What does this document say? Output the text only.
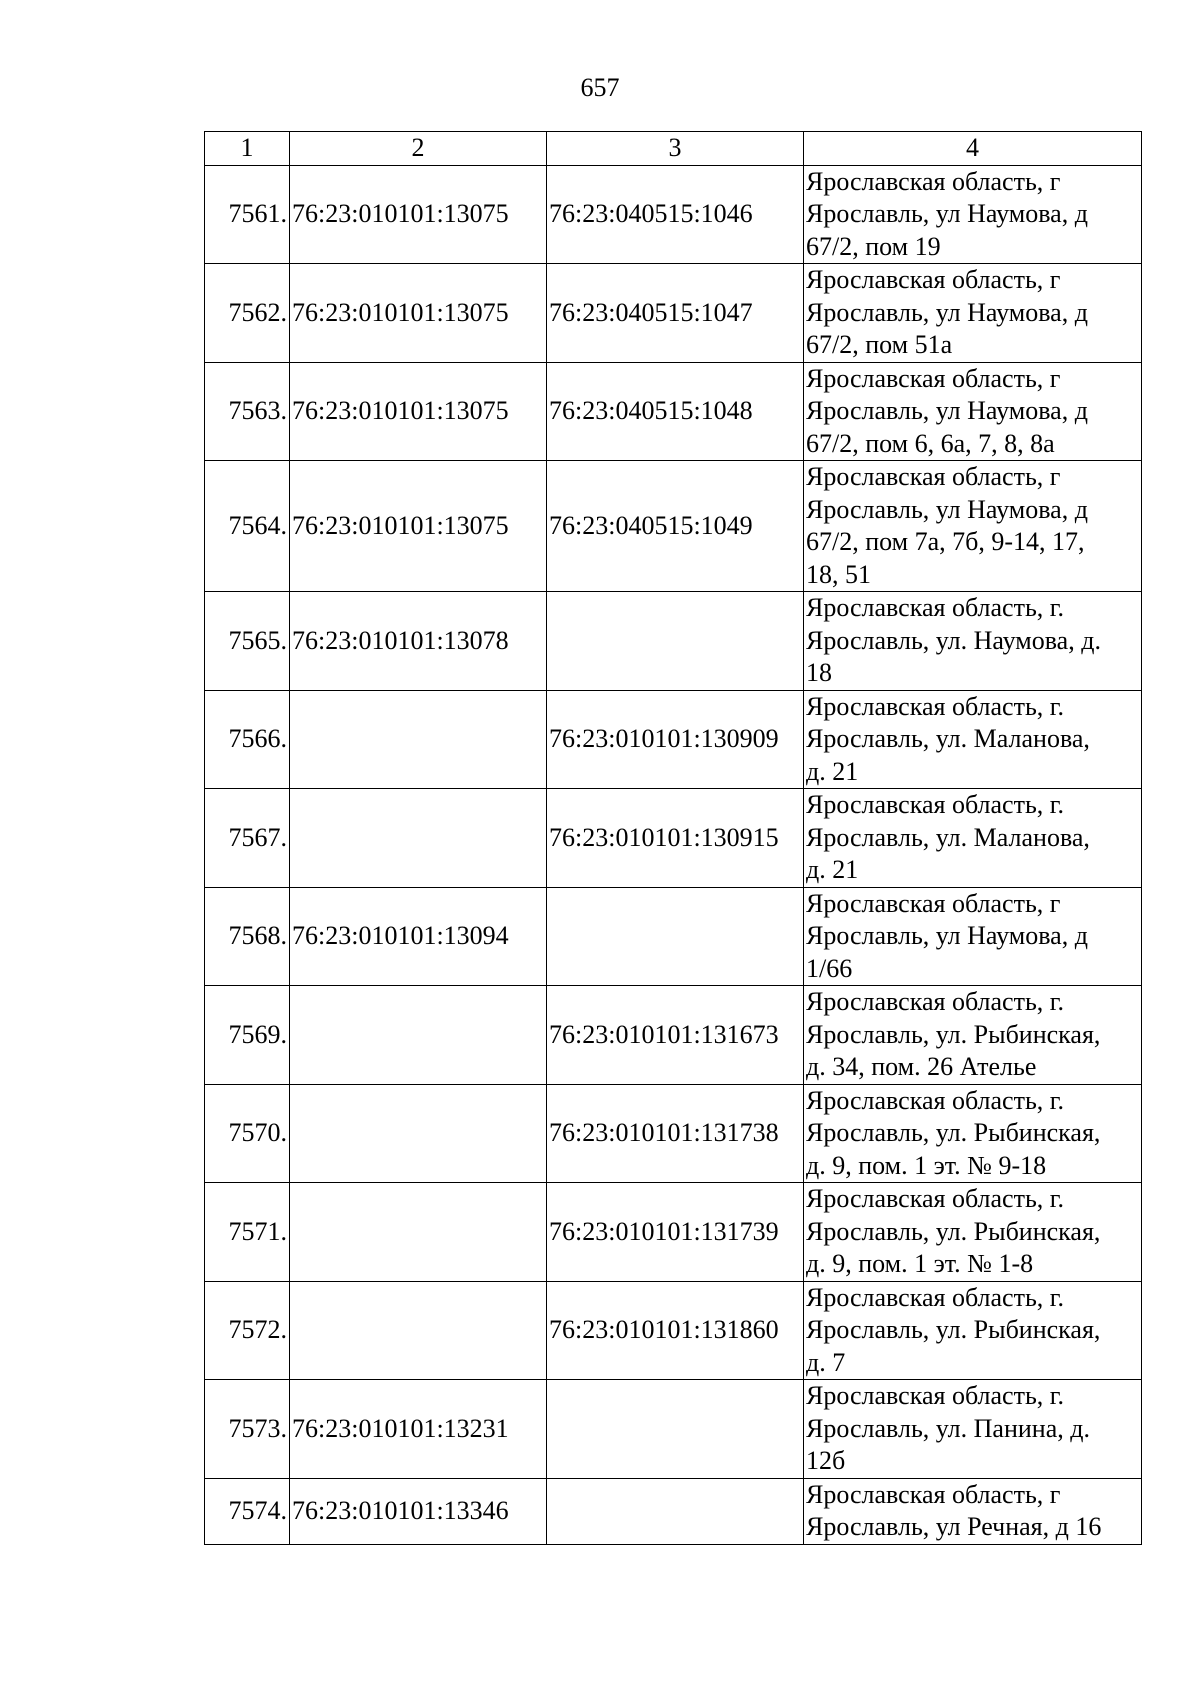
657
1	2	3	4
7561.	76:23:010101:13075	76:23:040515:1046	Ярославская область, г
Ярославль, ул Наумова, д
67/2, пом 19

7562.	76:23:010101:13075	76:23:040515:1047	Ярославская область, г
Ярославль, ул Наумова, д
67/2, пом 51а

7563.	76:23:010101:13075	76:23:040515:1048	Ярославская область, г
Ярославль, ул Наумова, д
67/2, пом 6, 6а, 7, 8, 8а

7564.	76:23:010101:13075	76:23:040515:1049	Ярославская область, г
Ярославль, ул Наумова, д
67/2, пом 7а, 7б, 9-14, 17,
18, 51

7565.	76:23:010101:13078		Ярославская область, г.
Ярославль, ул. Наумова, д.
18

7566.		76:23:010101:130909	Ярославская область, г.
Ярославль, ул. Маланова,
д. 21

7567.		76:23:010101:130915	Ярославская область, г.
Ярославль, ул. Маланова,
д. 21

7568.	76:23:010101:13094		Ярославская область, г
Ярославль, ул Наумова, д
1/66

7569.		76:23:010101:131673	Ярославская область, г.
Ярославль, ул. Рыбинская,
д. 34, пом. 26 Ателье

7570.		76:23:010101:131738	Ярославская область, г.
Ярославль, ул. Рыбинская,
д. 9, пом. 1 эт. № 9-18

7571.		76:23:010101:131739	Ярославская область, г.
Ярославль, ул. Рыбинская,
д. 9, пом. 1 эт. № 1-8

7572.		76:23:010101:131860	Ярославская область, г.
Ярославль, ул. Рыбинская,
д. 7

7573.	76:23:010101:13231		Ярославская область, г.
Ярославль, ул. Панина, д.
12б

7574.	76:23:010101:13346		Ярославская область, г
Ярославль, ул Речная, д 16
